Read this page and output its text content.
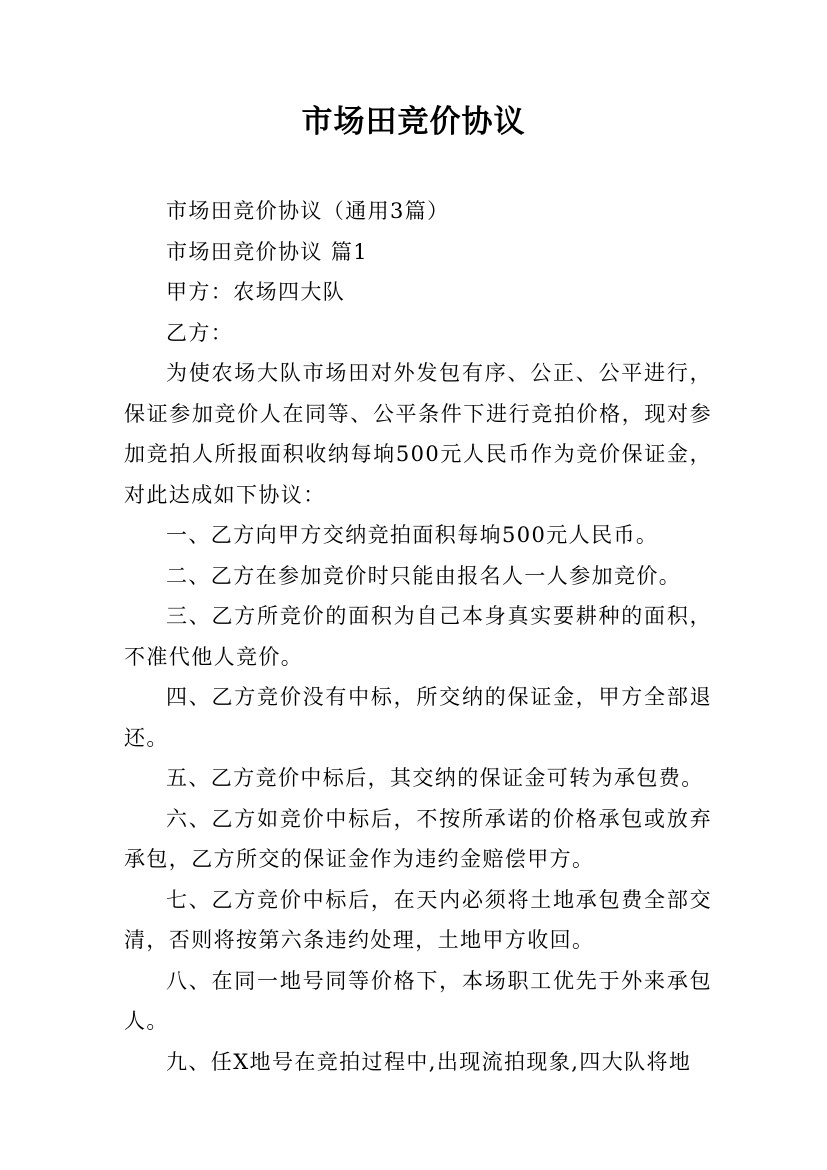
市场田竞价协议

市场田竞价协议（通用3篇）

市场田竞价协议 篇1

甲方：农场四大队

乙方：

为使农场大队市场田对外发包有序、公正、公平进行，保证参加竞价人在同等、公平条件下进行竞拍价格，现对参加竞拍人所报面积收纳每垧500元人民币作为竞价保证金，对此达成如下协议：

一、乙方向甲方交纳竞拍面积每垧500元人民币。

二、乙方在参加竞价时只能由报名人一人参加竞价。

三、乙方所竞价的面积为自己本身真实要耕种的面积，不准代他人竞价。

四、乙方竞价没有中标，所交纳的保证金，甲方全部退还。

五、乙方竞价中标后，其交纳的保证金可转为承包费。

六、乙方如竞价中标后，不按所承诺的价格承包或放弃承包，乙方所交的保证金作为违约金赔偿甲方。

七、乙方竞价中标后，在天内必须将土地承包费全部交清，否则将按第六条违约处理，土地甲方收回。

八、在同一地号同等价格下，本场职工优先于外来承包人。

九、任X地号在竞拍过程中,出现流拍现象,四大队将地
